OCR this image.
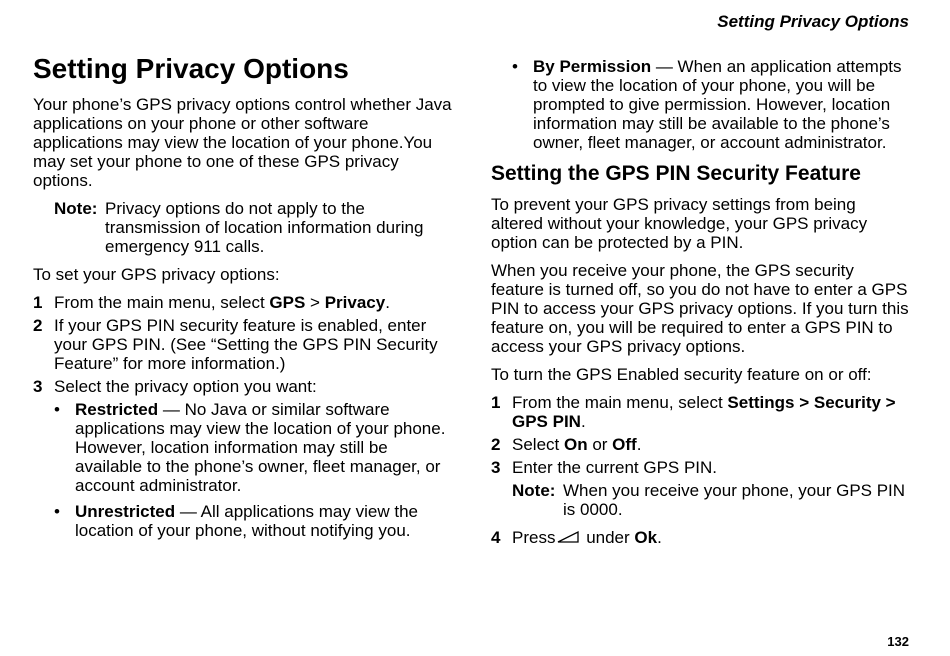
Setting Privacy Options
Setting Privacy Options

Your phone’s GPS privacy options control whether Java applications on your phone or other software applications may view the location of your phone.You may set your phone to one of these GPS privacy options.

Note: Privacy options do not apply to the transmission of location information during emergency 911 calls.

To set your GPS privacy options:

1 From the main menu, select GPS > Privacy.
2 If your GPS PIN security feature is enabled, enter your GPS PIN. (See “Setting the GPS PIN Security Feature” for more information.)
3 Select the privacy option you want:
• Restricted — No Java or similar software applications may view the location of your phone. However, location information may still be available to the phone’s owner, fleet manager, or account administrator.
• Unrestricted — All applications may view the location of your phone, without notifying you.
• By Permission — When an application attempts to view the location of your phone, you will be prompted to give permission. However, location information may still be available to the phone’s owner, fleet manager, or account administrator.
Setting the GPS PIN Security Feature

To prevent your GPS privacy settings from being altered without your knowledge, your GPS privacy option can be protected by a PIN.

When you receive your phone, the GPS security feature is turned off, so you do not have to enter a GPS PIN to access your GPS privacy options. If you turn this feature on, you will be required to enter a GPS PIN to access your GPS privacy options.

To turn the GPS Enabled security feature on or off:

1 From the main menu, select Settings > Security > GPS PIN.
2 Select On or Off.
3 Enter the current GPS PIN.
Note: When you receive your phone, your GPS PIN is 0000.
4 Press under Ok.
132
